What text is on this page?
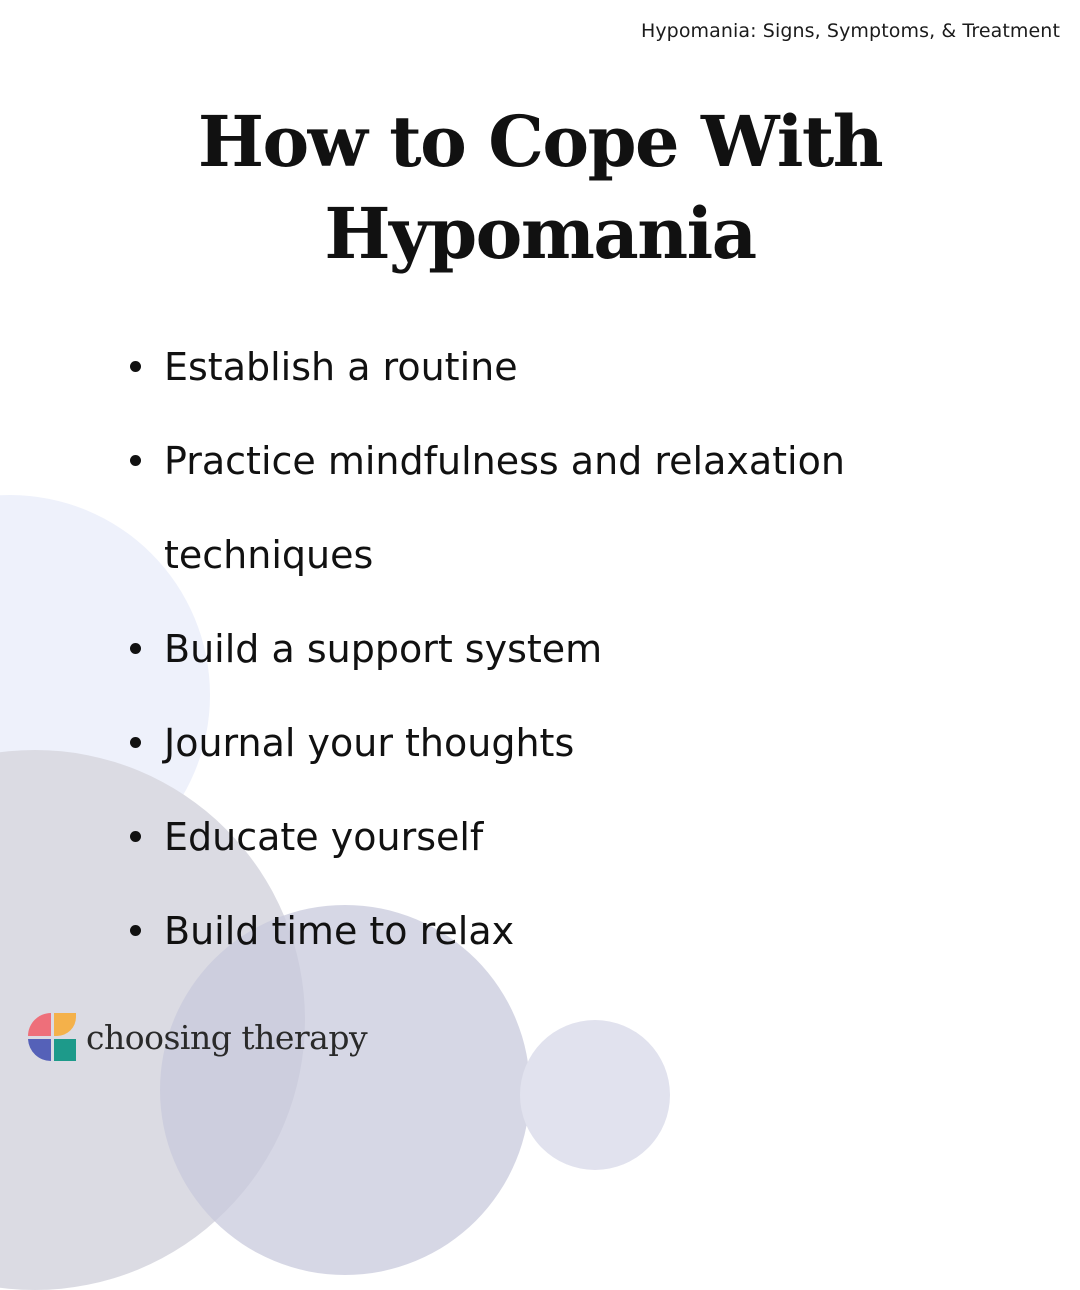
Hypomania: Signs, Symptoms, & Treatment
How to Cope With
Hypomania
Establish a routine
Practice mindfulness and relaxation
techniques
Build a support system
Journal your thoughts
Educate yourself
Build time to relax
choosing therapy
